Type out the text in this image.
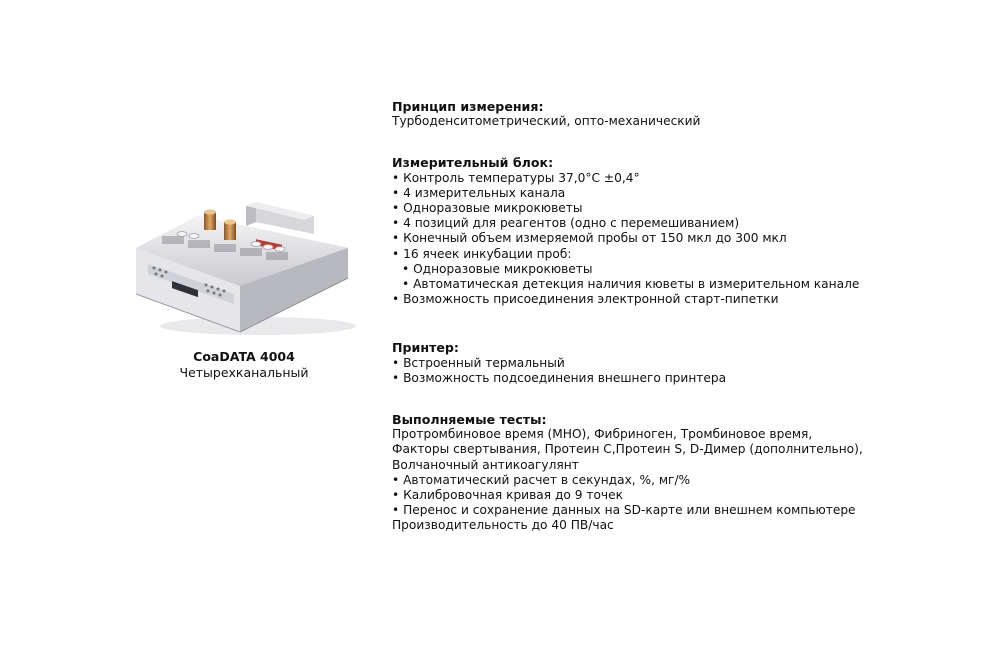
CoaDATA 4004
Четырехканальный
Принцип измерения:
Турбоденситометрический, опто-механический
Измерительный блок:
• Контроль температуры 37,0°С ±0,4°
• 4 измерительных канала
• Одноразовые микрокюветы
• 4 позиций для реагентов (одно с перемешиванием)
• Конечный объем измеряемой пробы от 150 мкл до 300 мкл
• 16 ячеек инкубации проб:
• Одноразовые микрокюветы
• Автоматическая детекция наличия кюветы в измерительном канале
• Возможность присоединения электронной старт-пипетки
Принтер:
• Встроенный термальный
• Возможность подсоединения внешнего принтера
Выполняемые тесты:
Протромбиновое время (МНО), Фибриноген, Тромбиновое время,
Факторы свертывания, Протеин С,Протеин S, D-Димер (дополнительно),
Волчаночный антикоагулянт
• Автоматический расчет в секундах, %, мг/%
• Калибровочная кривая до 9 точек
• Перенос и сохранение данных на SD-карте или внешнем компьютере
Производительность до 40 ПВ/час
